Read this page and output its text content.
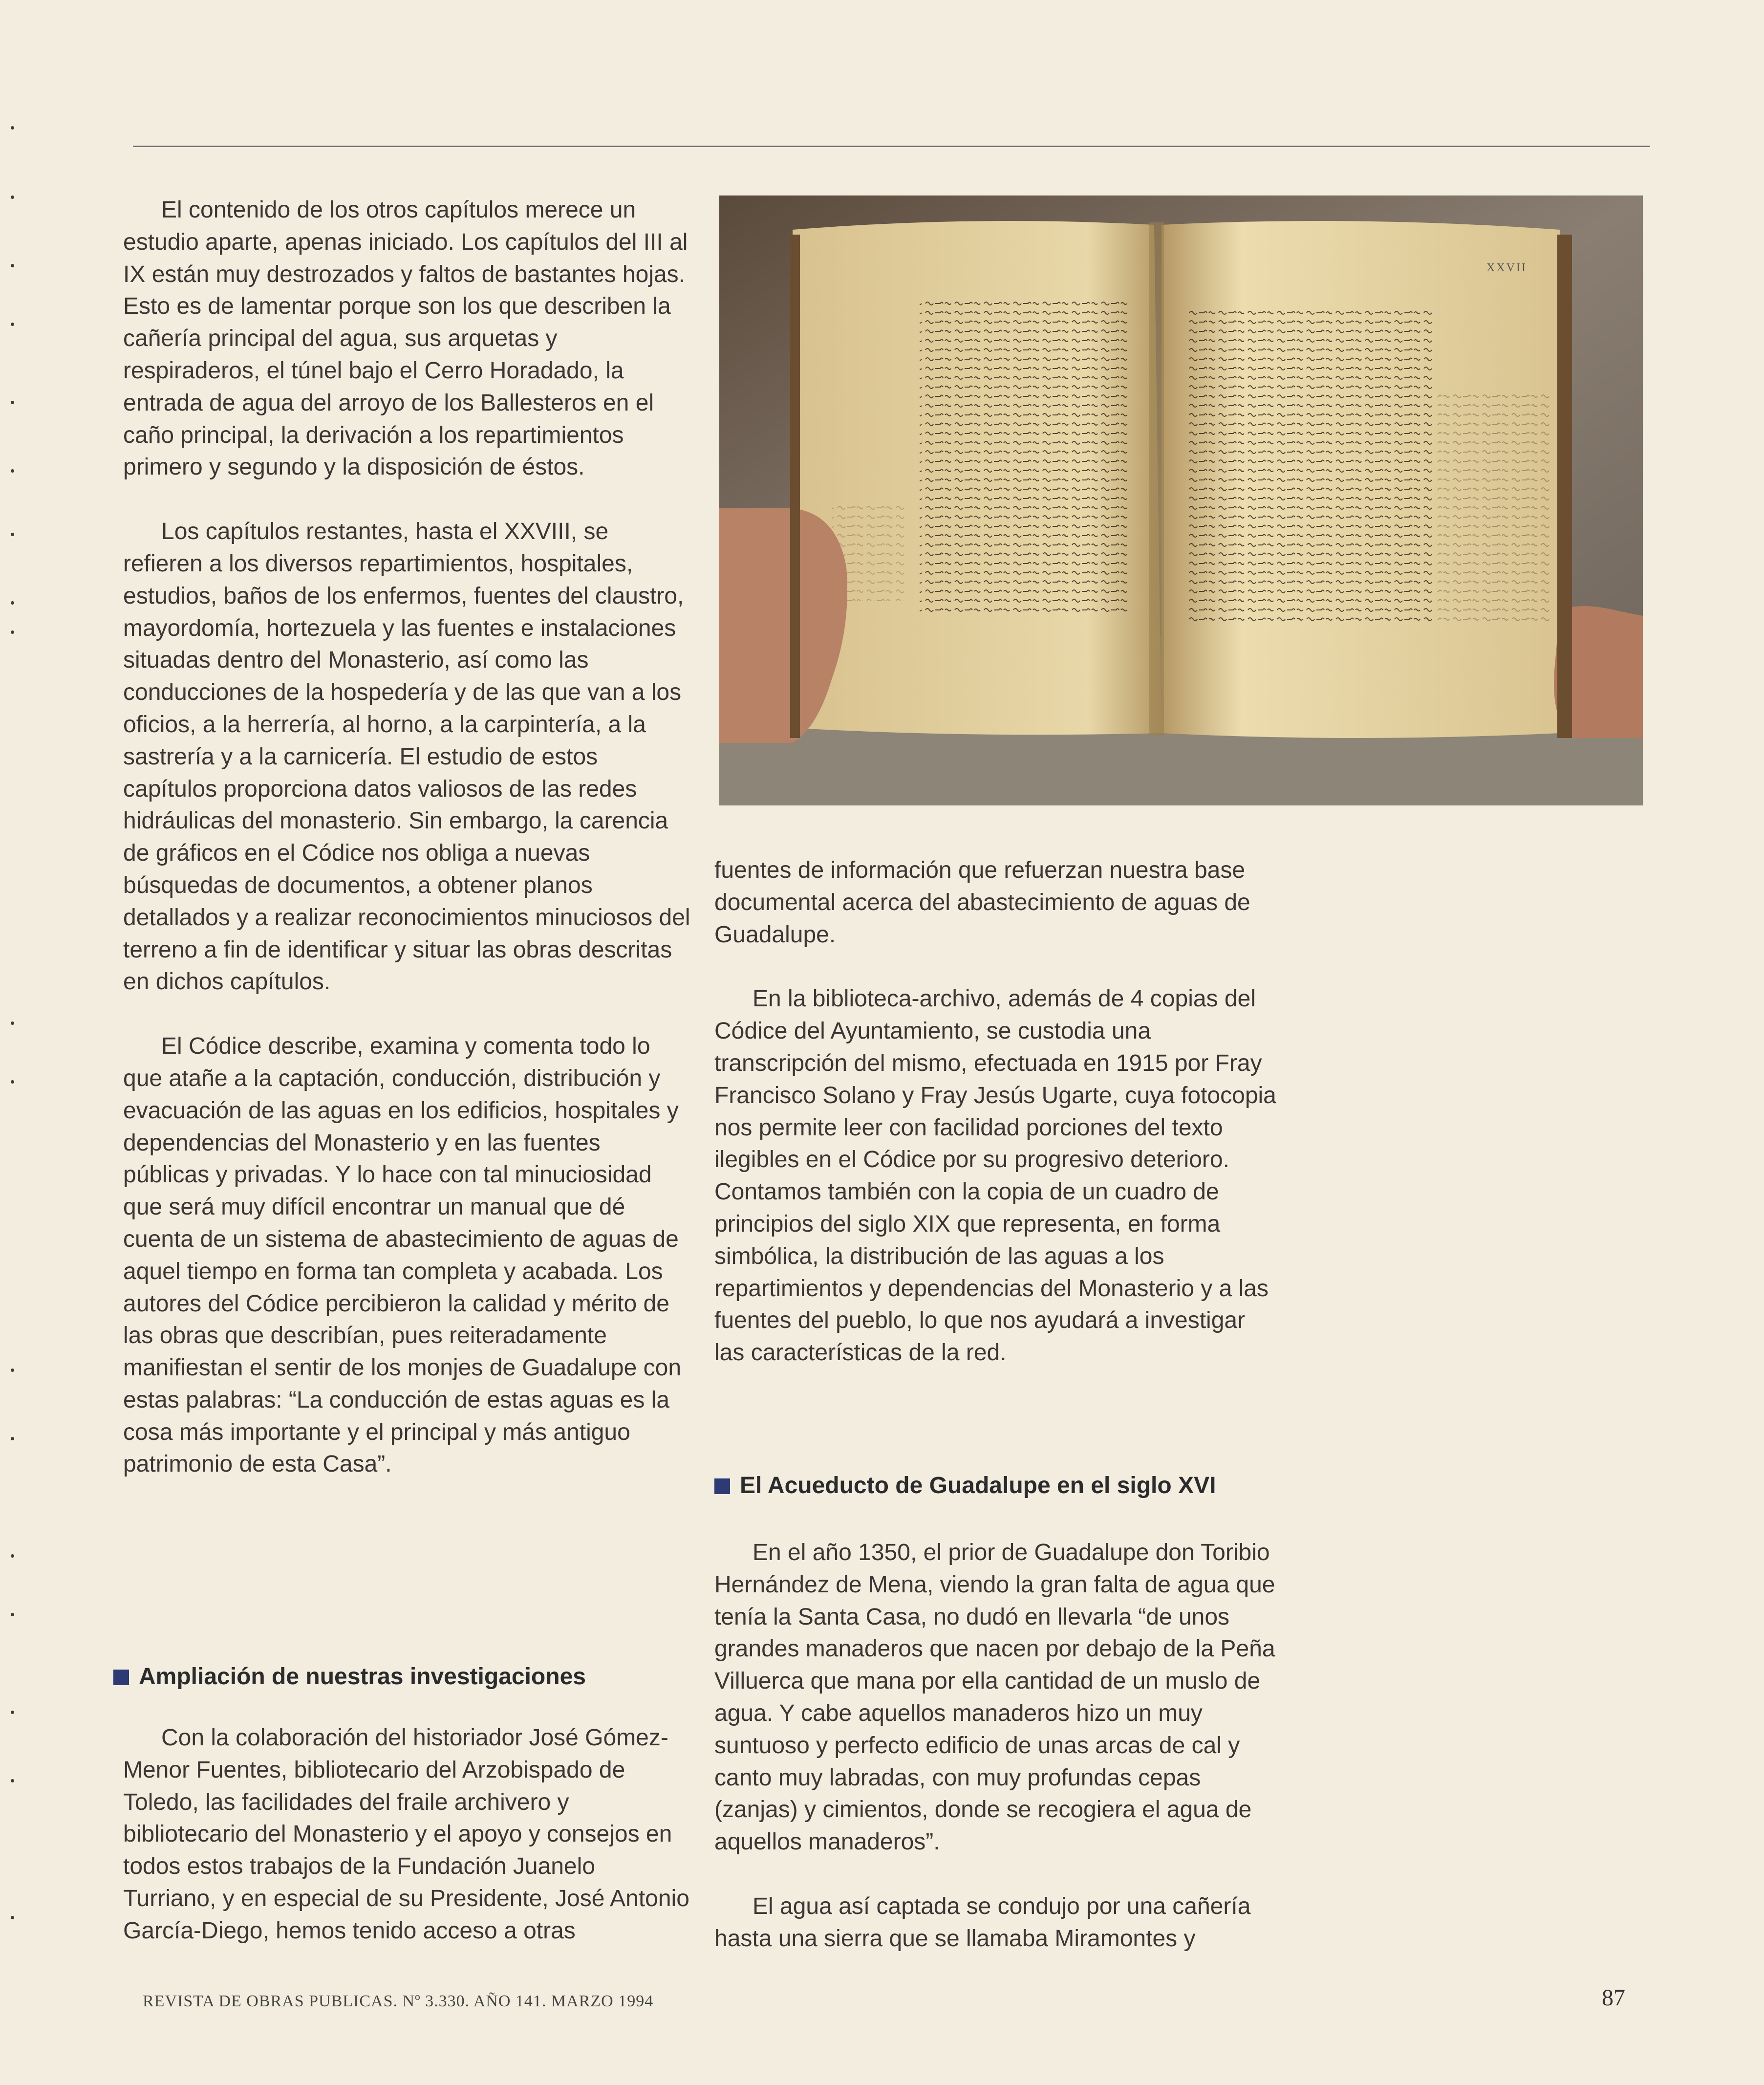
El contenido de los otros capítulos merece un estudio aparte, apenas iniciado. Los capítulos del III al IX están muy destrozados y faltos de bastantes hojas. Esto es de lamentar porque son los que describen la cañería principal del agua, sus arquetas y respiraderos, el túnel bajo el Cerro Horadado, la entrada de agua del arroyo de los Ballesteros en el caño principal, la derivación a los repartimientos primero y segundo y la disposición de éstos.

Los capítulos restantes, hasta el XXVIII, se refieren a los diversos repartimientos, hospitales, estudios, baños de los enfermos, fuentes del claustro, mayordomía, hortezuela y las fuentes e instalaciones situadas dentro del Monasterio, así como las conducciones de la hospedería y de las que van a los oficios, a la herrería, al horno, a la carpintería, a la sastrería y a la carnicería. El estudio de estos capítulos proporciona datos valiosos de las redes hidráulicas del monasterio. Sin embargo, la carencia de gráficos en el Códice nos obliga a nuevas búsquedas de documentos, a obtener planos detallados y a realizar reconocimientos minuciosos del terreno a fin de identificar y situar las obras descritas en dichos capítulos.

El Códice describe, examina y comenta todo lo que atañe a la captación, conducción, distribución y evacuación de las aguas en los edificios, hospitales y dependencias del Monasterio y en las fuentes públicas y privadas. Y lo hace con tal minuciosidad que será muy difícil encontrar un manual que dé cuenta de un sistema de abastecimiento de aguas de aquel tiempo en forma tan completa y acabada. Los autores del Códice percibieron la calidad y mérito de las obras que describían, pues reiteradamente manifiestan el sentir de los monjes de Guadalupe con estas palabras: “La conducción de estas aguas es la cosa más importante y el principal y más antiguo patrimonio de esta Casa”.

Ampliación de nuestras investigaciones

Con la colaboración del historiador José Gómez-Menor Fuentes, bibliotecario del Arzobispado de Toledo, las facilidades del fraile archivero y bibliotecario del Monasterio y el apoyo y consejos en todos estos trabajos de la Fundación Juanelo Turriano, y en especial de su Presidente, José Antonio García-Diego, hemos tenido acceso a otras

XXVII

fuentes de información que refuerzan nuestra base documental acerca del abastecimiento de aguas de Guadalupe.

En la biblioteca-archivo, además de 4 copias del Códice del Ayuntamiento, se custodia una transcripción del mismo, efectuada en 1915 por Fray Francisco Solano y Fray Jesús Ugarte, cuya fotocopia nos permite leer con facilidad porciones del texto ilegibles en el Códice por su progresivo deterioro. Contamos también con la copia de un cuadro de principios del siglo XIX que representa, en forma simbólica, la distribución de las aguas a los repartimientos y dependencias del Monasterio y a las fuentes del pueblo, lo que nos ayudará a investigar las características de la red.

El Acueducto de Guadalupe en el siglo XVI

En el año 1350, el prior de Guadalupe don Toribio Hernández de Mena, viendo la gran falta de agua que tenía la Santa Casa, no dudó en llevarla “de unos grandes manaderos que nacen por debajo de la Peña Villuerca que mana por ella cantidad de un muslo de agua. Y cabe aquellos manaderos hizo un muy suntuoso y perfecto edificio de unas arcas de cal y canto muy labradas, con muy profundas cepas (zanjas) y cimientos, donde se recogiera el agua de aquellos manaderos”.

El agua así captada se condujo por una cañería hasta una sierra que se llamaba Miramontes y

REVISTA DE OBRAS PUBLICAS. Nº 3.330. AÑO 141. MARZO 1994	87
